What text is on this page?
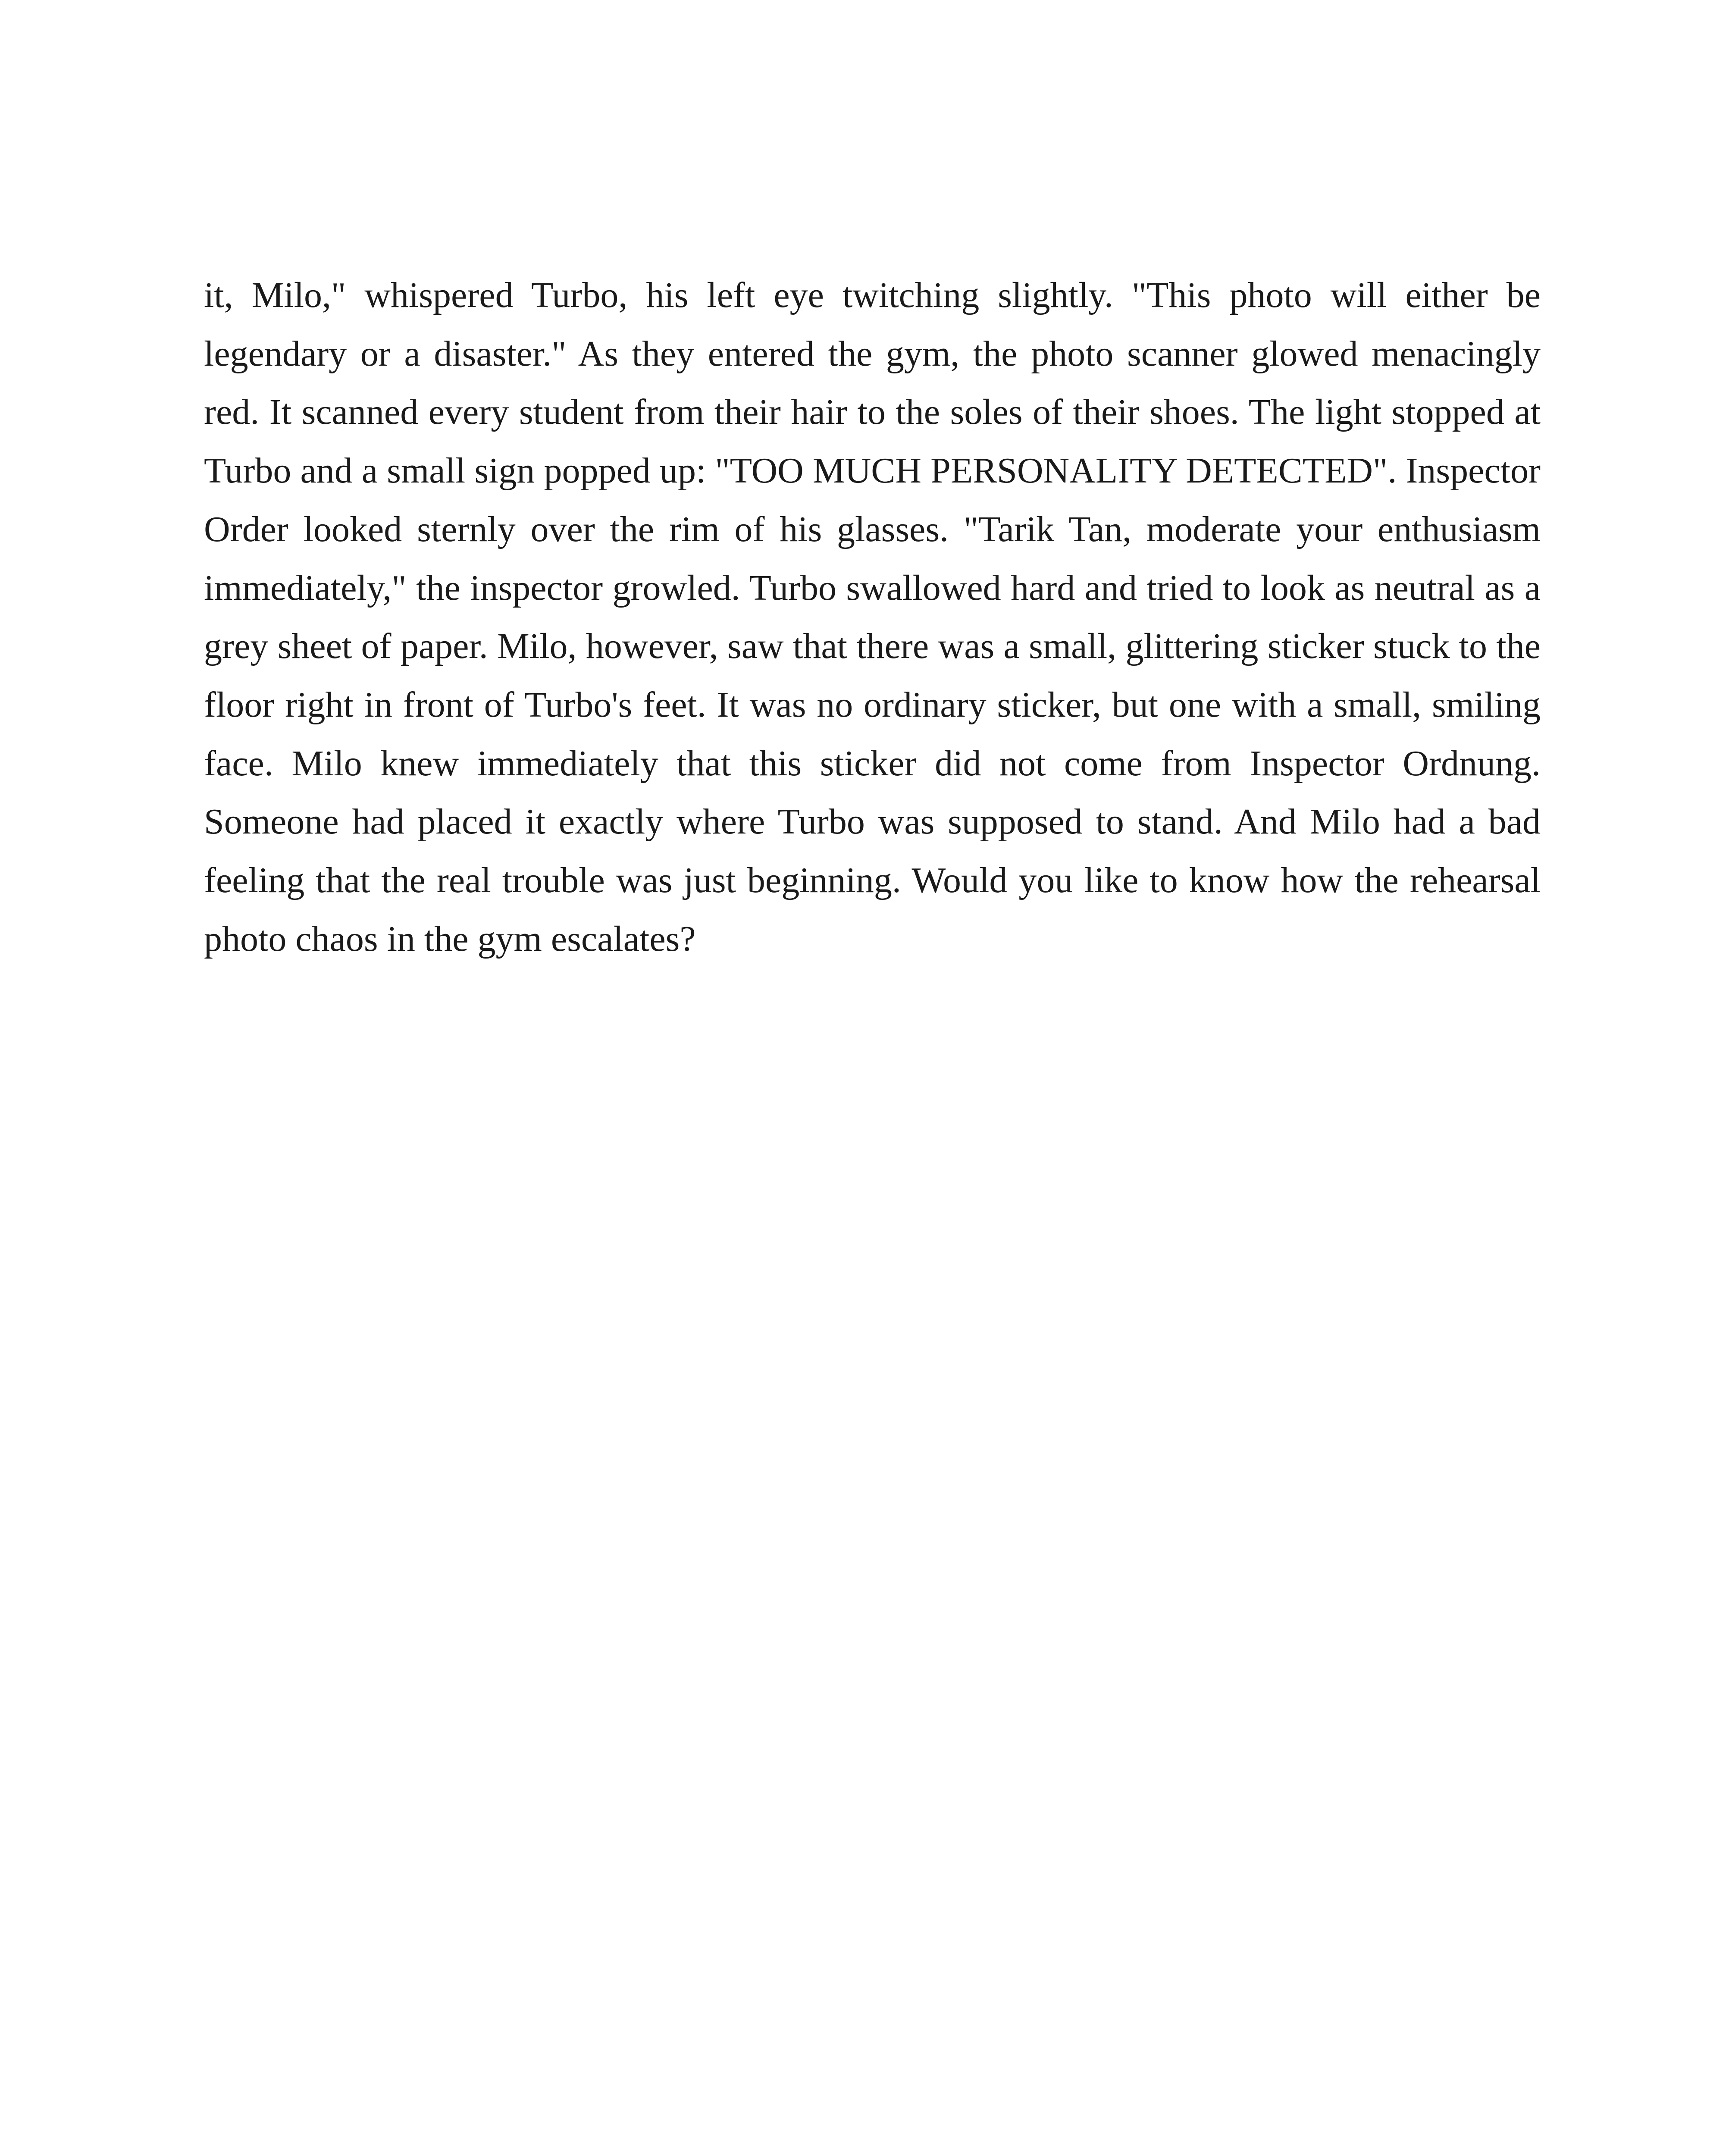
it, Milo," whispered Turbo, his left eye twitching slightly. "This photo will either be legendary or a disaster." As they entered the gym, the photo scanner glowed menacingly red. It scanned every student from their hair to the soles of their shoes. The light stopped at Turbo and a small sign popped up: "TOO MUCH PERSONALITY DETECTED". Inspector Order looked sternly over the rim of his glasses. "Tarik Tan, moderate your enthusiasm immediately," the inspector growled. Turbo swallowed hard and tried to look as neutral as a grey sheet of paper. Milo, however, saw that there was a small, glittering sticker stuck to the floor right in front of Turbo's feet. It was no ordinary sticker, but one with a small, smiling face. Milo knew immediately that this sticker did not come from Inspector Ordnung. Someone had placed it exactly where Turbo was supposed to stand. And Milo had a bad feeling that the real trouble was just beginning. Would you like to know how the rehearsal photo chaos in the gym escalates?
